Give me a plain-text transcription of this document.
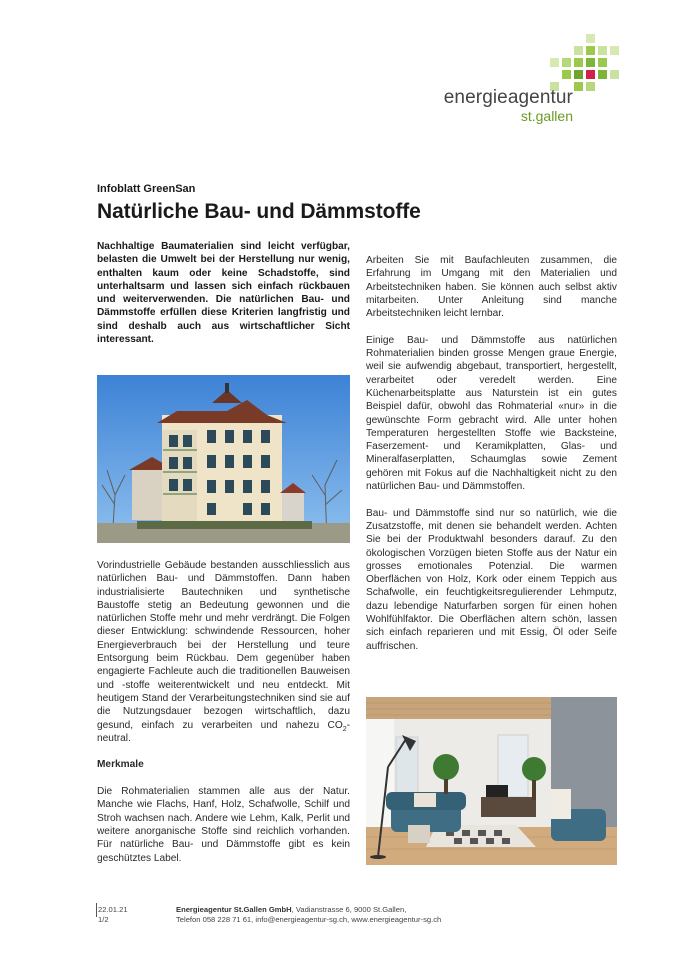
energieagentur
st.gallen
Infoblatt GreenSan
Natürliche Bau- und Dämmstoffe

Nachhaltige Baumaterialien sind leicht verfügbar, belasten die Umwelt bei der Herstellung nur wenig, enthalten kaum oder keine Schadstoffe, sind unterhaltsarm und lassen sich einfach rückbauen und weiterverwenden. Die natürlichen Bau- und Dämmstoffe erfüllen diese Kriterien langfristig und sind deshalb auch aus wirtschaftlicher Sicht interessant.

Vorindustrielle Gebäude bestanden ausschliesslich aus natürlichen Bau- und Dämmstoffen. Dann haben industrialisierte Bautechniken und synthetische Baustoffe stetig an Bedeutung gewonnen und die natürlichen Stoffe mehr und mehr verdrängt. Die Folgen dieser Entwicklung: schwindende Ressourcen, hoher Energieverbrauch bei der Herstellung und teure Entsorgung beim Rückbau. Dem gegenüber haben engagierte Fachleute auch die traditionellen Bauweisen und -stoffe weiterentwickelt und neu entdeckt. Mit heutigem Stand der Verarbeitungstechniken sind sie auf die Nutzungsdauer bezogen wirtschaftlich, dazu gesund, einfach zu verarbeiten und nahezu $CO_2$-neutral.

Merkmale

Die Rohmaterialien stammen alle aus der Natur. Manche wie Flachs, Hanf, Holz, Schafwolle, Schilf und Stroh wachsen nach. Andere wie Lehm, Kalk, Perlit und weitere anorganische Stoffe sind reichlich vorhanden. Für natürliche Bau- und Dämmstoffe gibt es kein geschütztes Label.

Arbeiten Sie mit Baufachleuten zusammen, die Erfahrung im Umgang mit den Materialien und Arbeitstechniken haben. Sie können auch selbst aktiv mitarbeiten. Unter Anleitung sind manche Arbeitstechniken leicht lernbar.

Einige Bau- und Dämmstoffe aus natürlichen Rohmaterialien binden grosse Mengen graue Energie, weil sie aufwendig abgebaut, transportiert, hergestellt, verarbeitet oder veredelt werden. Eine Küchenarbeitsplatte aus Naturstein ist ein gutes Beispiel dafür, obwohl das Rohmaterial «nur» in die gewünschte Form gebracht wird. Alle unter hohen Temperaturen hergestellten Stoffe wie Backsteine, Faserzement- und Keramikplatten, Glas- und Mineralfaserplatten, Schaumglas sowie Zement gehören mit Fokus auf die Nachhaltigkeit nicht zu den natürlichen Bau- und Dämmstoffen.

Bau- und Dämmstoffe sind nur so natürlich, wie die Zusatzstoffe, mit denen sie behandelt werden. Achten Sie bei der Produktwahl besonders darauf. Zu den ökologischen Vorzügen bieten Stoffe aus der Natur ein grosses emotionales Potenzial. Die warmen Oberflächen von Holz, Kork oder einem Teppich aus Schafwolle, ein feuchtigkeitsregulierender Lehmputz, dazu lebendige Naturfarben sorgen für einen hohen Wohlfühlfaktor. Die Oberflächen altern schön, lassen sich einfach reparieren und mit Essig, Öl oder Seife auffrischen.

22.01.21
1/2
Energieagentur St.Gallen GmbH, Vadianstrasse 6, 9000 St.Gallen,
Telefon 058 228 71 61, info@energieagentur-sg.ch, www.energieagentur-sg.ch
